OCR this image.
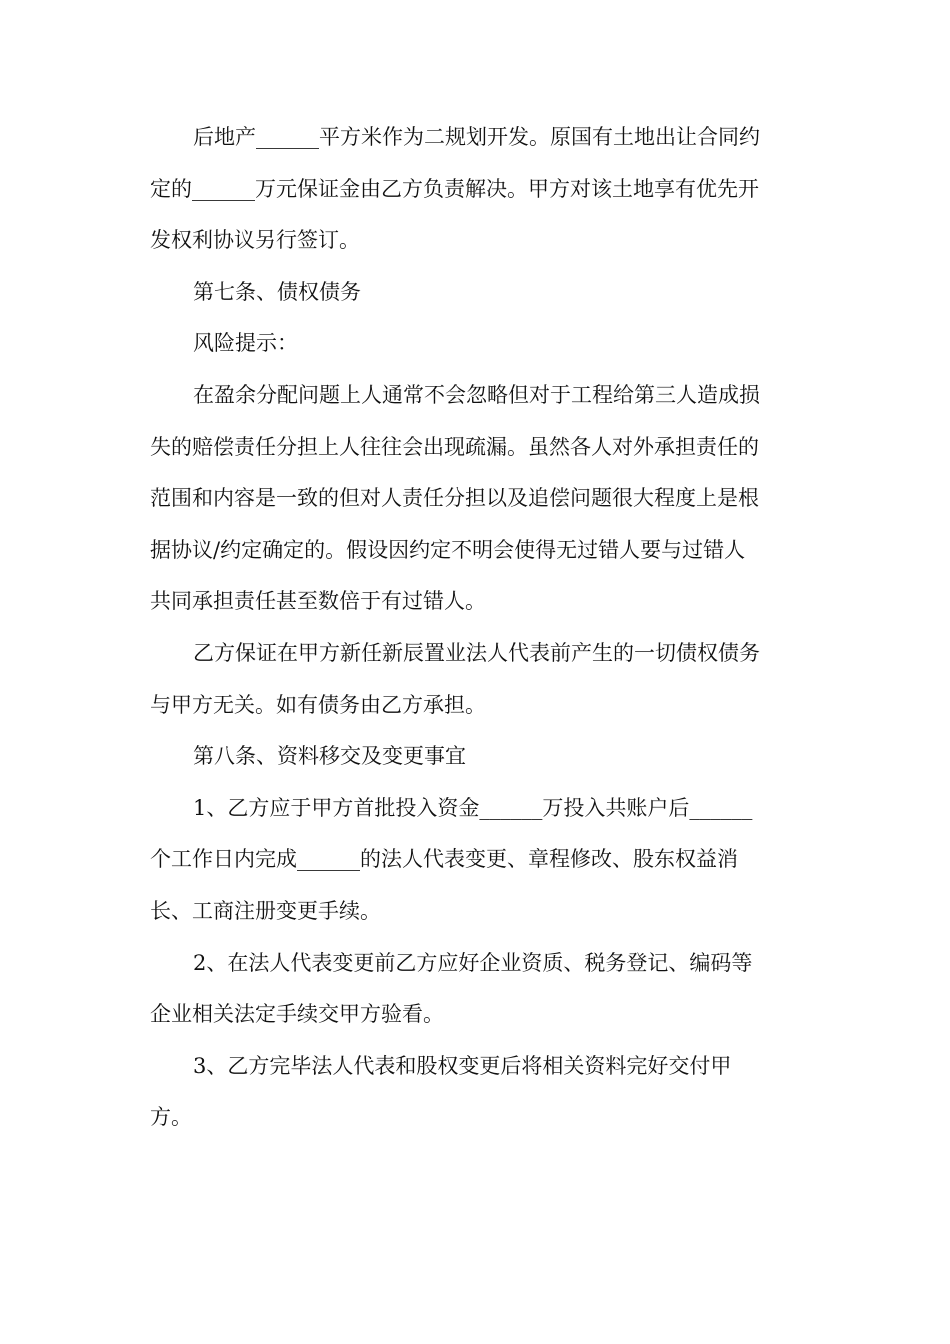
后地产______平方米作为二规划开发。原国有土地出让合同约

定的______万元保证金由乙方负责解决。甲方对该土地享有优先开

发权利协议另行签订。

第七条、债权债务

风险提示：

在盈余分配问题上人通常不会忽略但对于工程给第三人造成损

失的赔偿责任分担上人往往会出现疏漏。虽然各人对外承担责任的

范围和内容是一致的但对人责任分担以及追偿问题很大程度上是根

据协议/约定确定的。假设因约定不明会使得无过错人要与过错人

共同承担责任甚至数倍于有过错人。

乙方保证在甲方新任新辰置业法人代表前产生的一切债权债务

与甲方无关。如有债务由乙方承担。

第八条、资料移交及变更事宜

1、乙方应于甲方首批投入资金______万投入共账户后______

个工作日内完成______的法人代表变更、章程修改、股东权益消

长、工商注册变更手续。

2、在法人代表变更前乙方应好企业资质、税务登记、编码等

企业相关法定手续交甲方验看。

3、乙方完毕法人代表和股权变更后将相关资料完好交付甲

方。
